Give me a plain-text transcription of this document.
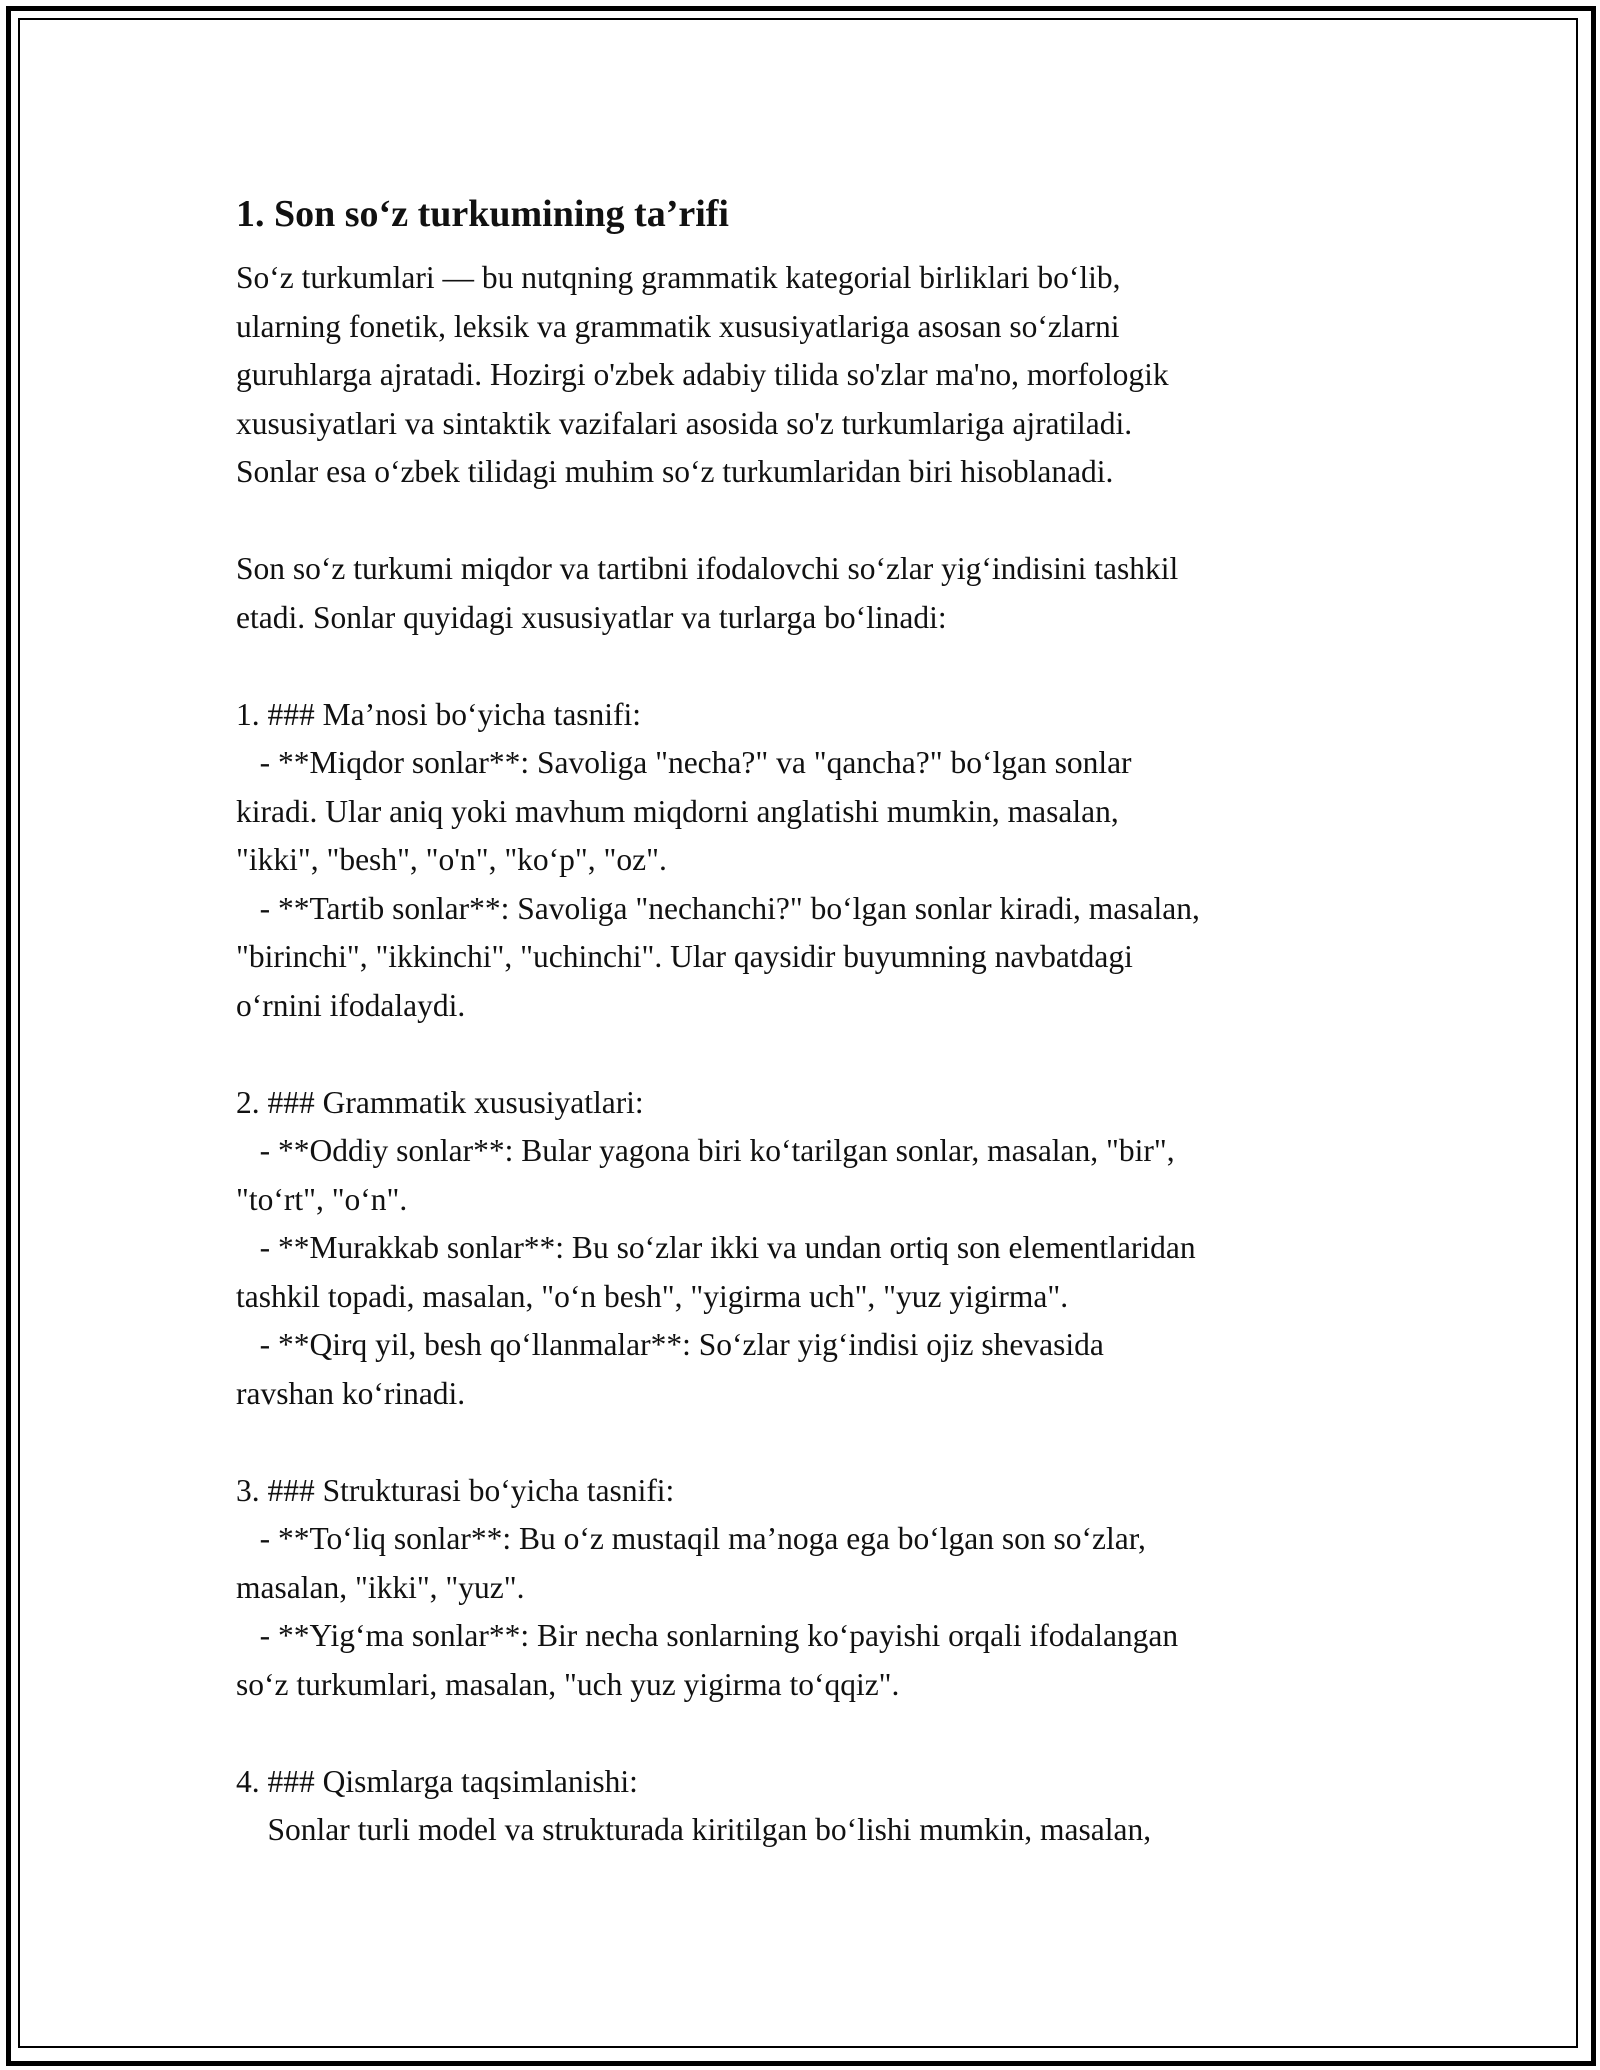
1. Son so‘z turkumining ta’rifi

So‘z turkumlari — bu nutqning grammatik kategorial birliklari bo‘lib,
ularning fonetik, leksik va grammatik xususiyatlariga asosan so‘zlarni
guruhlarga ajratadi. Hozirgi o'zbek adabiy tilida so'zlar ma'no, morfologik
xususiyatlari va sintaktik vazifalari asosida so'z turkumlariga ajratiladi.
Sonlar esa o‘zbek tilidagi muhim so‘z turkumlaridan biri hisoblanadi.

Son so‘z turkumi miqdor va tartibni ifodalovchi so‘zlar yig‘indisini tashkil
etadi. Sonlar quyidagi xususiyatlar va turlarga bo‘linadi:

1. ### Ma’nosi bo‘yicha tasnifi:
- **Miqdor sonlar**: Savoliga "necha?" va "qancha?" bo‘lgan sonlar
kiradi. Ular aniq yoki mavhum miqdorni anglatishi mumkin, masalan,
"ikki", "besh", "o'n", "ko‘p", "oz".
- **Tartib sonlar**: Savoliga "nechanchi?" bo‘lgan sonlar kiradi, masalan,
"birinchi", "ikkinchi", "uchinchi". Ular qaysidir buyumning navbatdagi
o‘rnini ifodalaydi.

2. ### Grammatik xususiyatlari:
- **Oddiy sonlar**: Bular yagona biri ko‘tarilgan sonlar, masalan, "bir",
"to‘rt", "o‘n".
- **Murakkab sonlar**: Bu so‘zlar ikki va undan ortiq son elementlaridan
tashkil topadi, masalan, "o‘n besh", "yigirma uch", "yuz yigirma".
- **Qirq yil, besh qo‘llanmalar**: So‘zlar yig‘indisi ojiz shevasida
ravshan ko‘rinadi.

3. ### Strukturasi bo‘yicha tasnifi:
- **To‘liq sonlar**: Bu o‘z mustaqil ma’noga ega bo‘lgan son so‘zlar,
masalan, "ikki", "yuz".
- **Yig‘ma sonlar**: Bir necha sonlarning ko‘payishi orqali ifodalangan
so‘z turkumlari, masalan, "uch yuz yigirma to‘qqiz".

4. ### Qismlarga taqsimlanishi:
Sonlar turli model va strukturada kiritilgan bo‘lishi mumkin, masalan,
